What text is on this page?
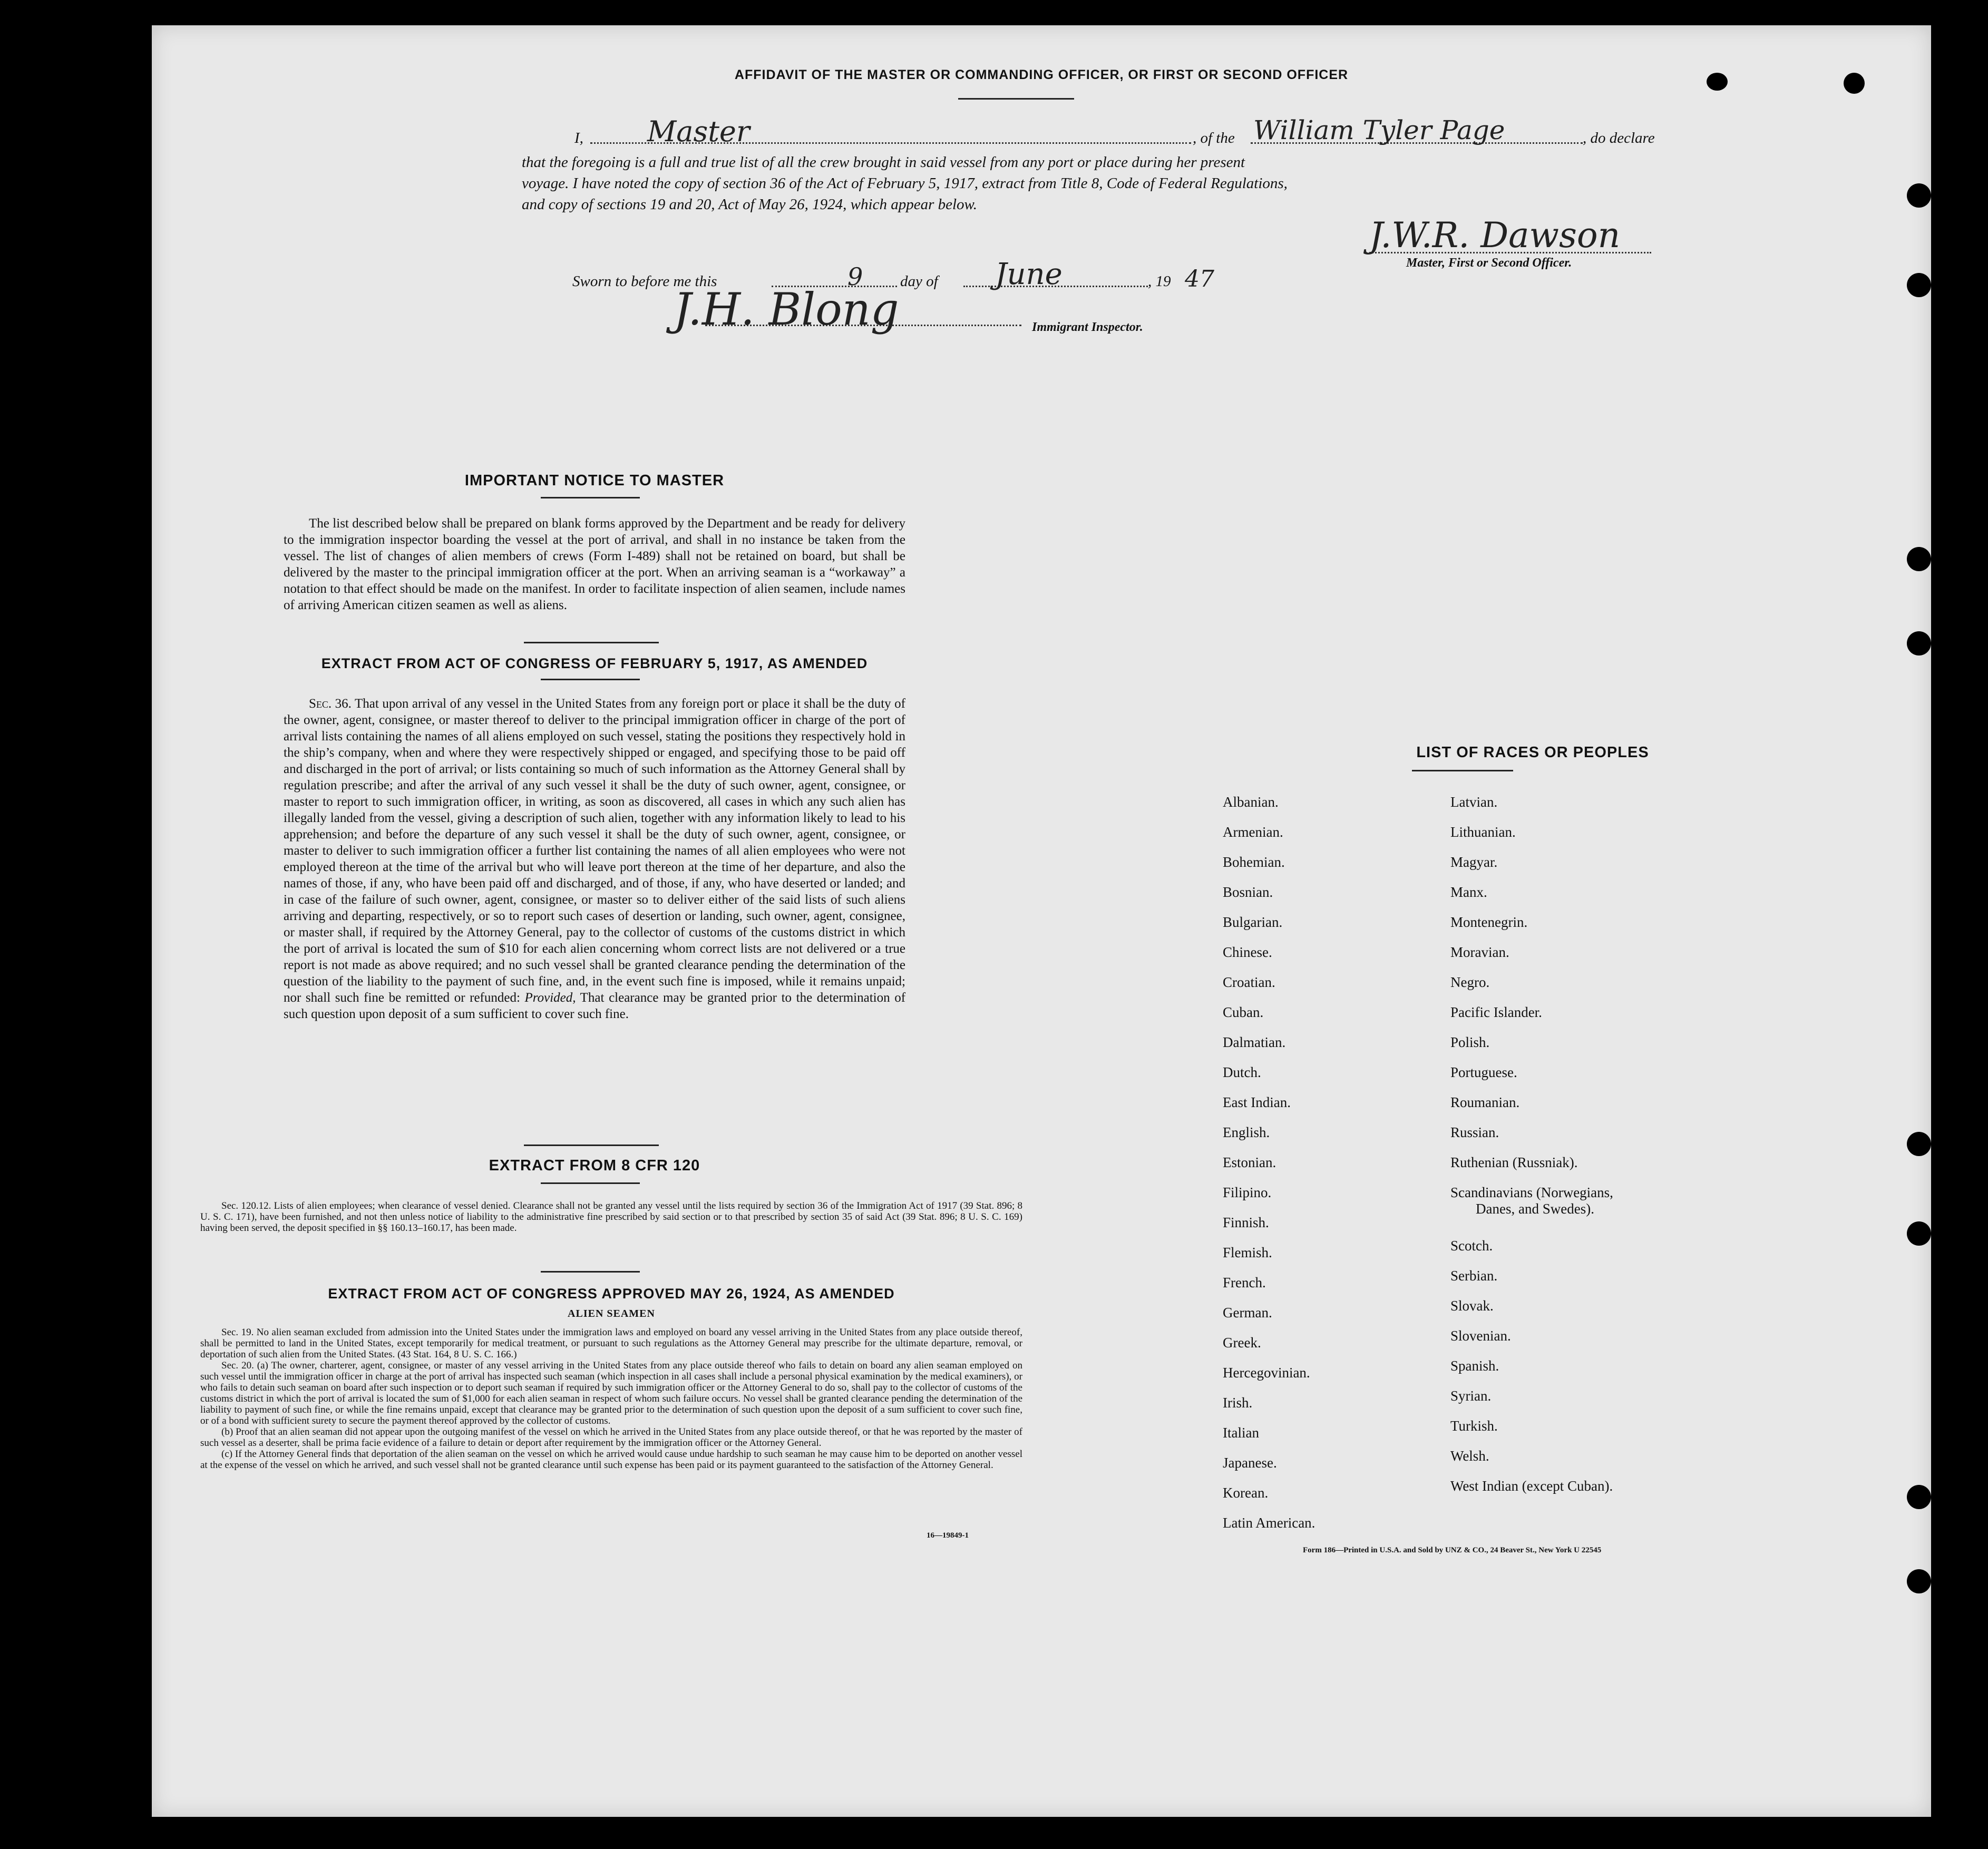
AFFIDAVIT OF THE MASTER OR COMMANDING OFFICER, OR FIRST OR SECOND OFFICER
I, Master	, of the William Tyler Page	, do declare
that the foregoing is a full and true list of all the crew brought in said vessel from any port or place during her present
voyage. I have noted the copy of section 36 of the Act of February 5, 1917, extract from Title 8, Code of Federal Regulations,
and copy of sections 19 and 20, Act of May 26, 1924, which appear below.
J.W.R. Dawson
Master, First or Second Officer.
Sworn to before me this	9 day of June	, 19 47
J.H. Blong	Immigrant Inspector.
IMPORTANT NOTICE TO MASTER

The list described below shall be prepared on blank forms approved by the Department and be ready for delivery to the immigration inspector boarding the vessel at the port of arrival, and shall in no instance be taken from the vessel. The list of changes of alien members of crews (Form I-489) shall not be retained on board, but shall be delivered by the master to the principal immigration officer at the port. When an arriving seaman is a “workaway” a notation to that effect should be made on the manifest. In order to facilitate inspection of alien seamen, include names of arriving American citizen seamen as well as aliens.

EXTRACT FROM ACT OF CONGRESS OF FEBRUARY 5, 1917, AS AMENDED

Sec. 36. That upon arrival of any vessel in the United States from any foreign port or place it shall be the duty of the owner, agent, consignee, or master thereof to deliver to the principal immigration officer in charge of the port of arrival lists containing the names of all aliens employed on such vessel, stating the positions they respectively hold in the ship’s company, when and where they were respectively shipped or engaged, and specifying those to be paid off and discharged in the port of arrival; or lists containing so much of such information as the Attorney General shall by regulation prescribe; and after the arrival of any such vessel it shall be the duty of such owner, agent, consignee, or master to report to such immigration officer, in writing, as soon as discovered, all cases in which any such alien has illegally landed from the vessel, giving a description of such alien, together with any information likely to lead to his apprehension; and before the departure of any such vessel it shall be the duty of such owner, agent, consignee, or master to deliver to such immigration officer a further list containing the names of all alien employees who were not employed thereon at the time of the arrival but who will leave port thereon at the time of her departure, and also the names of those, if any, who have been paid off and discharged, and of those, if any, who have deserted or landed; and in case of the failure of such owner, agent, consignee, or master so to deliver either of the said lists of such aliens arriving and departing, respectively, or so to report such cases of desertion or landing, such owner, agent, consignee, or master shall, if required by the Attorney General, pay to the collector of customs of the customs district in which the port of arrival is located the sum of $10 for each alien concerning whom correct lists are not delivered or a true report is not made as above required; and no such vessel shall be granted clearance pending the determination of the question of the liability to the payment of such fine, and, in the event such fine is imposed, while it remains unpaid; nor shall such fine be remitted or refunded: Provided, That clearance may be granted prior to the determination of such question upon deposit of a sum sufficient to cover such fine.

EXTRACT FROM 8 CFR 120

Sec. 120.12. Lists of alien employees; when clearance of vessel denied. Clearance shall not be granted any vessel until the lists required by section 36 of the Immigration Act of 1917 (39 Stat. 896; 8 U. S. C. 171), have been furnished, and not then unless notice of liability to the administrative fine prescribed by said section or to that prescribed by section 35 of said Act (39 Stat. 896; 8 U. S. C. 169) having been served, the deposit specified in §§ 160.13–160.17, has been made.

EXTRACT FROM ACT OF CONGRESS APPROVED MAY 26, 1924, AS AMENDED
ALIEN SEAMEN

Sec. 19. No alien seaman excluded from admission into the United States under the immigration laws and employed on board any vessel arriving in the United States from any place outside thereof, shall be permitted to land in the United States, except temporarily for medical treatment, or pursuant to such regulations as the Attorney General may prescribe for the ultimate departure, removal, or deportation of such alien from the United States. (43 Stat. 164, 8 U. S. C. 166.)

Sec. 20. (a) The owner, charterer, agent, consignee, or master of any vessel arriving in the United States from any place outside thereof who fails to detain on board any alien seaman employed on such vessel until the immigration officer in charge at the port of arrival has inspected such seaman (which inspection in all cases shall include a personal physical examination by the medical examiners), or who fails to detain such seaman on board after such inspection or to deport such seaman if required by such immigration officer or the Attorney General to do so, shall pay to the collector of customs of the customs district in which the port of arrival is located the sum of $1,000 for each alien seaman in respect of whom such failure occurs. No vessel shall be granted clearance pending the determination of the liability to payment of such fine, or while the fine remains unpaid, except that clearance may be granted prior to the determination of such question upon the deposit of a sum sufficient to cover such fine, or of a bond with sufficient surety to secure the payment thereof approved by the collector of customs.

(b) Proof that an alien seaman did not appear upon the outgoing manifest of the vessel on which he arrived in the United States from any place outside thereof, or that he was reported by the master of such vessel as a deserter, shall be prima facie evidence of a failure to detain or deport after requirement by the immigration officer or the Attorney General.

(c) If the Attorney General finds that deportation of the alien seaman on the vessel on which he arrived would cause undue hardship to such seaman he may cause him to be deported on another vessel at the expense of the vessel on which he arrived, and such vessel shall not be granted clearance until such expense has been paid or its payment guaranteed to the satisfaction of the Attorney General.

16—19849-1
LIST OF RACES OR PEOPLES
Albanian.
Armenian.
Bohemian.
Bosnian.
Bulgarian.
Chinese.
Croatian.
Cuban.
Dalmatian.
Dutch.
East Indian.
English.
Estonian.
Filipino.
Finnish.
Flemish.
French.
German.
Greek.
Hercegovinian.
Irish.
Italian
Japanese.
Korean.
Latin American.
Latvian.
Lithuanian.
Magyar.
Manx.
Montenegrin.
Moravian.
Negro.
Pacific Islander.
Polish.
Portuguese.
Roumanian.
Russian.
Ruthenian (Russniak).
Scandinavians (Norwegians,
Danes, and Swedes).
Scotch.
Serbian.
Slovak.
Slovenian.
Spanish.
Syrian.
Turkish.
Welsh.
West Indian (except Cuban).
Form 186—Printed in U.S.A. and Sold by UNZ & CO., 24 Beaver St., New York U 22545
